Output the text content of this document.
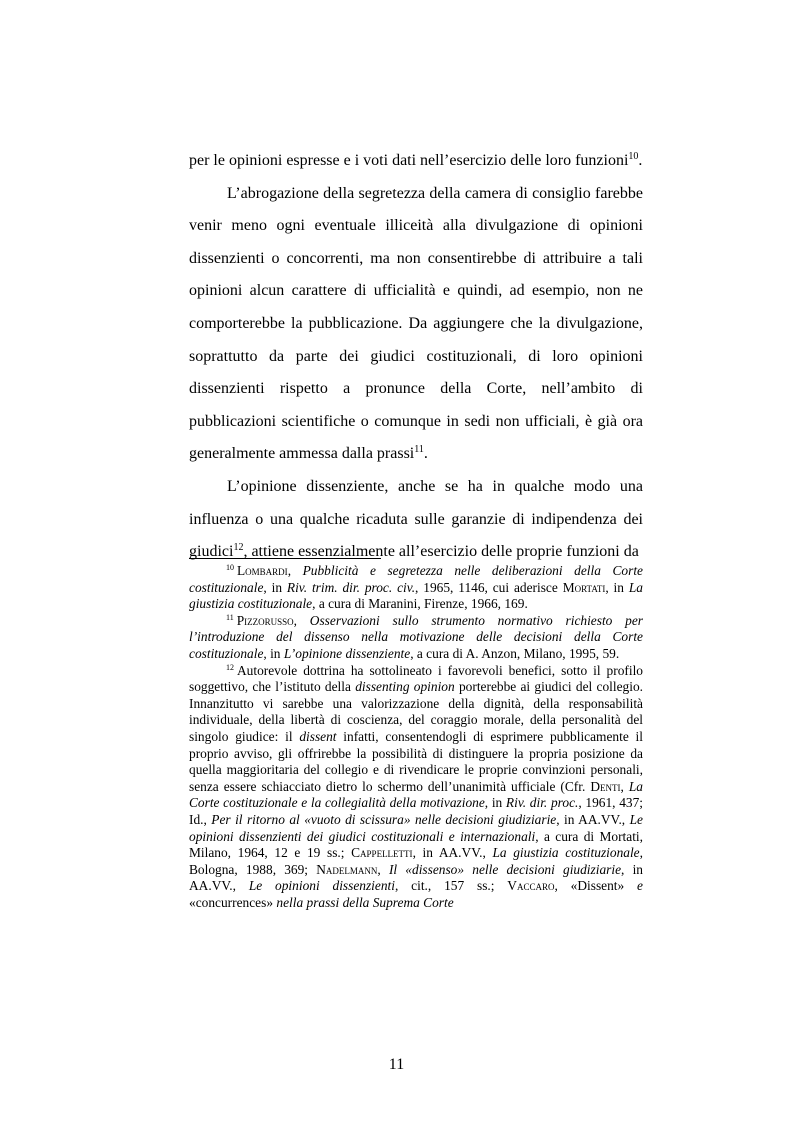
per le opinioni espresse e i voti dati nell’esercizio delle loro funzioni$^{10}$.

L’abrogazione della segretezza della camera di consiglio farebbe venir meno ogni eventuale illiceità alla divulgazione di opinioni dissenzienti o concorrenti, ma non consentirebbe di attribuire a tali opinioni alcun carattere di ufficialità e quindi, ad esempio, non ne comporterebbe la pubblicazione. Da aggiungere che la divulgazione, soprattutto da parte dei giudici costituzionali, di loro opinioni dissenzienti rispetto a pronunce della Corte, nell’ambito di pubblicazioni scientifiche o comunque in sedi non ufficiali, è già ora generalmente ammessa dalla prassi$^{11}$.

L’opinione dissenziente, anche se ha in qualche modo una influenza o una qualche ricaduta sulle garanzie di indipendenza dei giudici$^{12}$, attiene essenzialmente all’esercizio delle proprie funzioni da

$^{10}$ Lombardi, Pubblicità e segretezza nelle deliberazioni della Corte costituzionale, in Riv. trim. dir. proc. civ., 1965, 1146, cui aderisce Mortati, in La giustizia costituzionale, a cura di Maranini, Firenze, 1966, 169.

$^{11}$ Pizzorusso, Osservazioni sullo strumento normativo richiesto per l’introduzione del dissenso nella motivazione delle decisioni della Corte costituzionale, in L’opinione dissenziente, a cura di A. Anzon, Milano, 1995, 59.

$^{12}$ Autorevole dottrina ha sottolineato i favorevoli benefici, sotto il profilo soggettivo, che l’istituto della dissenting opinion porterebbe ai giudici del collegio. Innanzitutto vi sarebbe una valorizzazione della dignità, della responsabilità individuale, della libertà di coscienza, del coraggio morale, della personalità del singolo giudice: il dissent infatti, consentendogli di esprimere pubblicamente il proprio avviso, gli offrirebbe la possibilità di distinguere la propria posizione da quella maggioritaria del collegio e di rivendicare le proprie convinzioni personali, senza essere schiacciato dietro lo schermo dell’unanimità ufficiale (Cfr. Denti, La Corte costituzionale e la collegialità della motivazione, in Riv. dir. proc., 1961, 437; Id., Per il ritorno al «vuoto di scissura» nelle decisioni giudiziarie, in AA.VV., Le opinioni dissenzienti dei giudici costituzionali e internazionali, a cura di Mortati, Milano, 1964, 12 e 19 ss.; Cappelletti, in AA.VV., La giustizia costituzionale, Bologna, 1988, 369; Nadelmann, Il «dissenso» nelle decisioni giudiziarie, in AA.VV., Le opinioni dissenzienti, cit., 157 ss.; Vaccaro, «Dissent» e «concurrences» nella prassi della Suprema Corte

11
